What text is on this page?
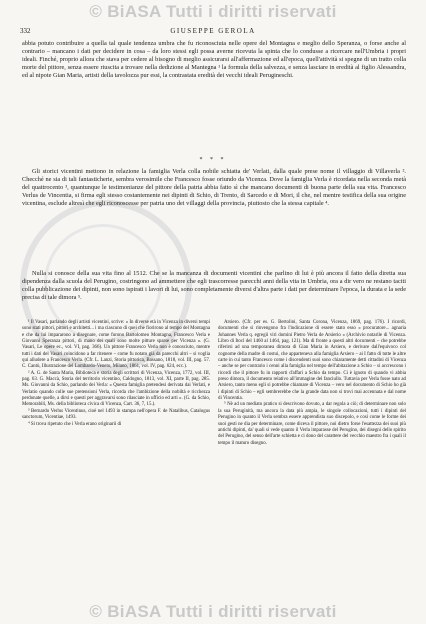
© BiASA Tutti i diritti riservati
332	GIUSEPPE GEROLA
abbia potuto contribuire a quella tal quale tendenza umbra che fu riconosciuta nelle opere del Montagna e meglio dello Speranza, o forse anche al contrario – mancano i dati per decidere in cosa – da loro stessi egli possa averne ricevuta la spinta che lo condusse a ricercare nell'Umbria i propri ideali. Finché, proprio allora che stava per cedere al bisogno di meglio assicurarsi all'affermazione ed all'epoca, quell'attività si spegne di un tratto colla morte del pittore, senza essere riuscita a trovare nella dedizione al Mantegna ¹ la formula della salvezza, e senza lasciare in eredità al figlio Alessandra, ed al nipote Gian Maria, artisti della tavolozza pur essi, la contrastata eredità dei vecchi ideali Perugineschi.
* * *
Gli storici vicentini mettono in relazione la famiglia Verla colla nobile schiatta de' Verlati, dalla quale prese nome il villaggio di Villaverla ². Checché ne sia di tali fantasticherie, sembra verosimile che Francesco fosse oriundo da Vicenza. Dove la famiglia Verla è ricordata nella seconda metà del quattrocento ³, quantunque le testimonianze del pittore della patria abbia fatto sì che mancano documenti di buona parte della sua vita. Francesco Verlus de Vincentia, si firma egli stesso costantemente nei dipinti di Schio, di Trento, di Sarcedo e di Mori, il che, nel mentre testifica della sua origine vicentina, esclude altresì che egli riconoscesse per patria uno dei villaggi della provincia, piuttosto che la stessa capitale ⁴.
Nulla si conosce della sua vita fino al 1512. Che se la mancanza di documenti vicentini che parlino di lui è più ancora il fatto della diretta sua dipendenza dalla scuola del Perugino, costringono ad ammettere che egli trascorresse parecchi anni della vita in Umbria, ora a dir vero ne restano taciti colla pubblicazione dei dipinti, non sono ispirati i lavori di lui, sono completamente diversi d'altra parte i dati per determinare l'epoca, la durata e la sede precisa di tale dimora ⁵.

¹ Il Vasari, parlando degli artisti vicentini, scrive: « In diverse età in Vicenza in diversi tempi sono stati pittori, pittori e architetti... i ma ciascuno di quei che fiorirono al tempo del Montagna e che da lui impararono a disegnare, come furono Bartolomeo Montagna, Francesco Verla e Giovanni Speranza pittori, di mano dei quali sono molte pitture sparse per Vicenza ». (G. Vasari, Le opere ec., vol. VI, pag. 366). Un pittore Francesco Verla non è conosciuto, mentre tutti i dati del Vasari coincidono a far ritenere – come fu notato già da parecchi altri – si voglia qui alludere a Francesco Verla. (Cfr. L. Lanzi, Storia pittorica, Bassano, 1818, vol. III, pag. 57. C. Cantù, Illustrazione del Lombardo-Veneto, Milano, 1861, vol. IV, pag. 624, ecc.).

² A. G. de Santa Maria, Biblioteca e storia degli scrittori di Vicenza, Vicenza, 1772, vol. III, pag. 63. G. Maccà, Storia del territorio vicentino, Caldogno, 1813, vol. XI, parte II, pag. 285. Ms. Giovanni da Schio, parlando dei Verla: « Questa famiglia pretendesi derivata dai Verlati, e Verlatio quando colle sue pretensioni Verla, ricorda che l'ambizione della nobiltà e ricchezza perdonate quelle, a dirsi e questi per aggravarsi sono rilasciate in ufficio ed arti ». (G. da Schio, Memorabili, Ms. della biblioteca civica di Vicenza, Cart. 36, 7, 15.).

³ Bernardo Verlus Vicentinus, cioè nel 1493 in stampa nell'opera F. de Natalibus, Catalogus sanctorum, Vicentiae, 1493.

⁴ Si trova ripetuto che i Verla erano originarii di

Arsiero. (Cfr. per es. G. Bertolini, Santa Corona, Vicenza, 1869, pag. 176). I ricordi, documenti che si rinvengono fra l'indicazione di essere stato esso « procuratore... agnaria Johannes Verla q. egregii viri domini Pietro Verla de Arsierio » (Archivio notarile di Vicenza. Libro di Itocl del 1460 al 1464, pag. 121). Ma di fronte a questi altri documenti – che potrebbe riferirsi ad una temporanea dimora di Gian Maria in Arsiero, e derivare dall'equivoco col cognome della madre di costui, che apparteneva alla famiglia Arsiero – ai I fatto di tutte le altre carte in cui tanto Francesco come i discendenti suoi sono chiaramente detti cittadini di Vicenza – anche se per contrario i cenni alla famiglia nel tempo dell'abitazione a Schio – si accrescono i ricordi che il pittore fu in rapporti d'affari a Schio da tempo. Ci è ignoto di quando vi abbia preso dimora, il documento relativo all'immagine del fanciullo. Tuttavia per Verla fosse nato ad Arsiero, tanto meno egli si potrebbe chiamare di Vicenza – vero nel documento di Schio ho già i dipinti di Schio – egli sembrerebbe che la grande data non si trovi mai accennata e dal nome di Vincentia.

⁵ Nè ad un mediato pratico si descrivono dovuto, a dar regola a ciò; di determinare non solo la sua Peruginità, ma ancora la data più ampia, le singole collocazioni, tutti i dipinti del Perugino in quanto il Verla sembra essere apprendista suo discepolo, e così come le forme dei suoi gesti ne dia per determinare, come diceva il pittore, noi dietro forse l'esattezza dei suoi più antichi dipinti, da' quali si vede quanto il Verla imparasse del Perugino, dei disegni dello spirito del Perugino, del senso dell'arte schietta e ci dono del carattere del vecchio maestro fra i quali il tempo il maturo disegno.

© BiASA Tutti i diritti riservati
